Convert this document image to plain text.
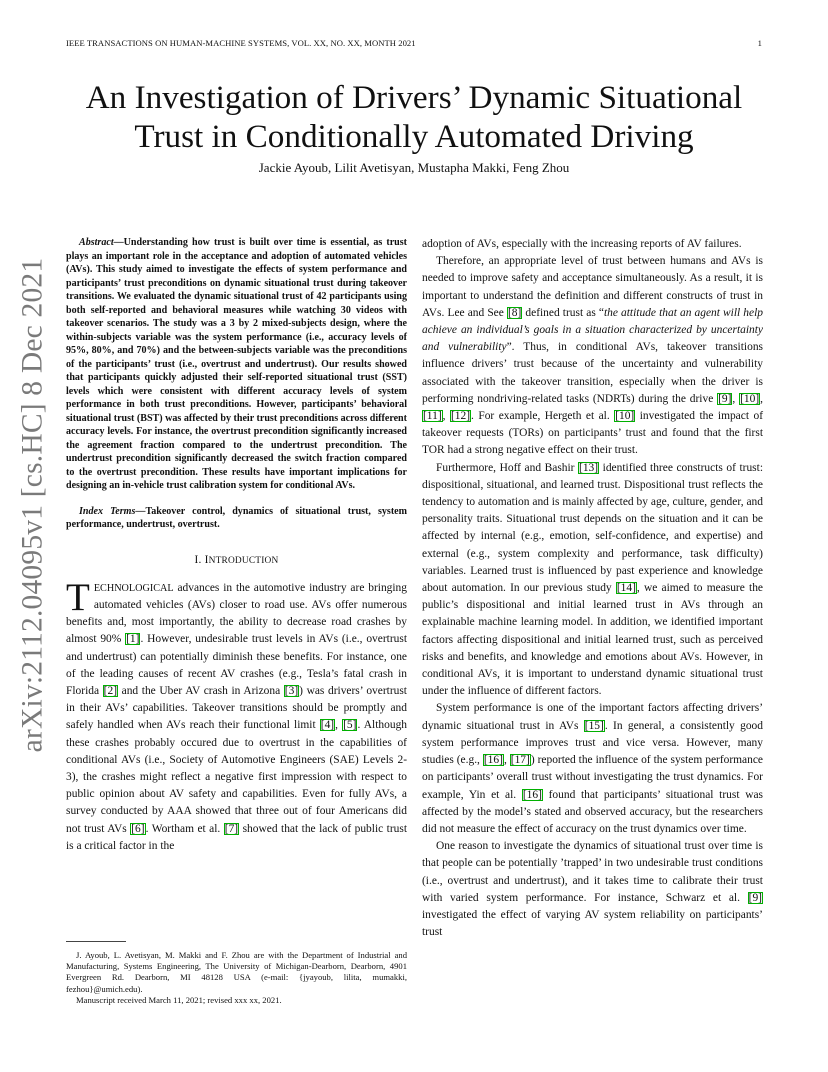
IEEE TRANSACTIONS ON HUMAN-MACHINE SYSTEMS, VOL. XX, NO. XX, MONTH 2021	1
arXiv:2112.04095v1 [cs.HC] 8 Dec 2021
An Investigation of Drivers’ Dynamic Situational Trust in Conditionally Automated Driving
Jackie Ayoub, Lilit Avetisyan, Mustapha Makki, Feng Zhou

Abstract—Understanding how trust is built over time is essential, as trust plays an important role in the acceptance and adoption of automated vehicles (AVs). This study aimed to investigate the effects of system performance and participants’ trust preconditions on dynamic situational trust during takeover transitions. We evaluated the dynamic situational trust of 42 participants using both self-reported and behavioral measures while watching 30 videos with takeover scenarios. The study was a 3 by 2 mixed-subjects design, where the within-subjects variable was the system performance (i.e., accuracy levels of 95%, 80%, and 70%) and the between-subjects variable was the preconditions of the participants’ trust (i.e., overtrust and undertrust). Our results showed that participants quickly adjusted their self-reported situational trust (SST) levels which were consistent with different accuracy levels of system performance in both trust preconditions. However, participants’ behavioral situational trust (BST) was affected by their trust preconditions across different accuracy levels. For instance, the overtrust precondition significantly increased the agreement fraction compared to the undertrust precondition. The undertrust precondition significantly decreased the switch fraction compared to the overtrust precondition. These results have important implications for designing an in-vehicle trust calibration system for conditional AVs.

Index Terms—Takeover control, dynamics of situational trust, system performance, undertrust, overtrust.

I. INTRODUCTION

TECHNOLOGICAL advances in the automotive industry are bringing automated vehicles (AVs) closer to road use. AVs offer numerous benefits and, most importantly, the ability to decrease road crashes by almost 90% [1]. However, undesirable trust levels in AVs (i.e., overtrust and undertrust) can potentially diminish these benefits. For instance, one of the leading causes of recent AV crashes (e.g., Tesla’s fatal crash in Florida [2] and the Uber AV crash in Arizona [3]) was drivers’ overtrust in their AVs’ capabilities. Takeover transitions should be promptly and safely handled when AVs reach their functional limit [4], [5]. Although these crashes probably occured due to overtrust in the capabilities of conditional AVs (i.e., Society of Automotive Engineers (SAE) Levels 2-3), the crashes might reflect a negative first impression with respect to public opinion about AV safety and capabilities. Even for fully AVs, a survey conducted by AAA showed that three out of four Americans did not trust AVs [6]. Wortham et al. [7] showed that the lack of public trust is a critical factor in the

J. Ayoub, L. Avetisyan, M. Makki and F. Zhou are with the Department of Industrial and Manufacturing, Systems Engineering, The University of Michigan-Dearborn, Dearborn, 4901 Evergreen Rd. Dearborn, MI 48128 USA (e-mail: {jyayoub, lilita, mumakki, fezhou}@umich.edu).

Manuscript received March 11, 2021; revised xxx xx, 2021.

adoption of AVs, especially with the increasing reports of AV failures.

Therefore, an appropriate level of trust between humans and AVs is needed to improve safety and acceptance simultaneously. As a result, it is important to understand the definition and different constructs of trust in AVs. Lee and See [8] defined trust as “the attitude that an agent will help achieve an individual’s goals in a situation characterized by uncertainty and vulnerability”. Thus, in conditional AVs, takeover transitions influence drivers’ trust because of the uncertainty and vulnerability associated with the takeover transition, especially when the driver is performing nondriving-related tasks (NDRTs) during the drive [9], [10], [11], [12]. For example, Hergeth et al. [10] investigated the impact of takeover requests (TORs) on participants’ trust and found that the first TOR had a strong negative effect on their trust.

Furthermore, Hoff and Bashir [13] identified three constructs of trust: dispositional, situational, and learned trust. Dispositional trust reflects the tendency to automation and is mainly affected by age, culture, gender, and personality traits. Situational trust depends on the situation and it can be affected by internal (e.g., emotion, self-confidence, and expertise) and external (e.g., system complexity and performance, task difficulty) variables. Learned trust is influenced by past experience and knowledge about automation. In our previous study [14], we aimed to measure the public’s dispositional and initial learned trust in AVs through an explainable machine learning model. In addition, we identified important factors affecting dispositional and initial learned trust, such as perceived risks and benefits, and knowledge and emotions about AVs. However, in conditional AVs, it is important to understand dynamic situational trust under the influence of different factors.

System performance is one of the important factors affecting drivers’ dynamic situational trust in AVs [15]. In general, a consistently good system performance improves trust and vice versa. However, many studies (e.g., [16], [17]) reported the influence of the system performance on participants’ overall trust without investigating the trust dynamics. For example, Yin et al. [16] found that participants’ situational trust was affected by the model’s stated and observed accuracy, but the researchers did not measure the effect of accuracy on the trust dynamics over time.

One reason to investigate the dynamics of situational trust over time is that people can be potentially ’trapped’ in two undesirable trust conditions (i.e., overtrust and undertrust), and it takes time to calibrate their trust with varied system performance. For instance, Schwarz et al. [9] investigated the effect of varying AV system reliability on participants’ trust
